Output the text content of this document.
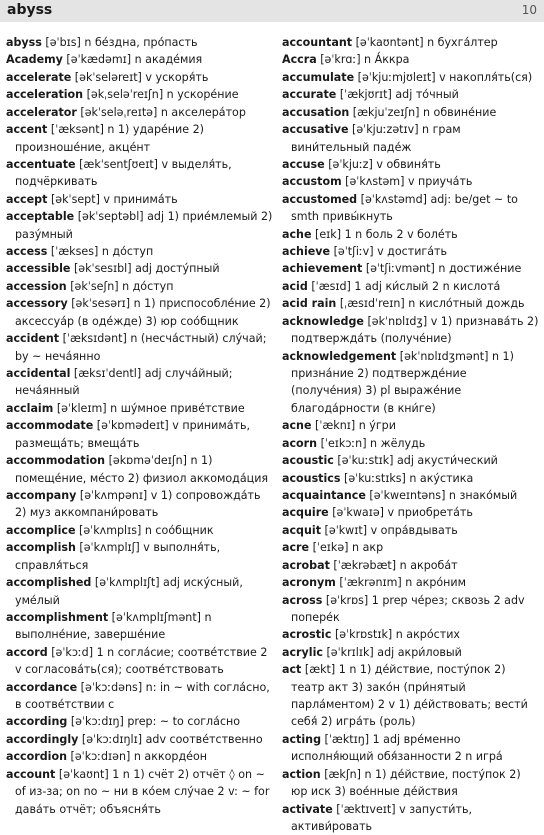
abyss	10

abyss [əˈbɪs] n бе́здна, про́пасть

Academy [əˈkædəmɪ] n акаде́мия

accelerate [əkˈseləreɪt] v ускоря́ть

acceleration [əkˌseləˈreɪʃn] n ускоре́ние

accelerator [əkˈseləˌreɪtə] n акселера́тор

accent [ˈæksənt] n 1) ударе́ние 2) произноше́ние, акце́нт

accentuate [ækˈsentʃʊeɪt] v выделя́ть, подчёркивать

accept [əkˈsept] v принима́ть

acceptable [əkˈseptəbl] adj 1) прие́млемый 2) разу́мный

access [ˈækses] n до́ступ

accessible [əkˈsesɪbl] adj досту́пный

accession [əkˈseʃn] n до́ступ

accessory [əkˈsesərɪ] n 1) приспособле́ние 2) аксессуа́р (в оде́жде) 3) юр соо́бщник

accident [ˈæksɪdənt] n (несча́стный) слу́чай; by ~ неча́янно

accidental [æksɪˈdentl] adj случа́йный; неча́янный

acclaim [əˈkleɪm] n шу́мное приве́тствие

accommodate [əˈkɒmədeɪt] v принима́ть, размеща́ть; вмеща́ть

accommodation [əkɒməˈdeɪʃn] n 1) помеще́ние, ме́сто 2) физиол аккомода́ция

accompany [əˈkʌmpənɪ] v 1) сопровожда́ть 2) муз аккомпани́ровать

accomplice [əˈkʌmplɪs] n соо́бщник

accomplish [əˈkʌmplɪʃ] v выполня́ть, справля́ться

accomplished [əˈkʌmplɪʃt] adj иску́сный, уме́лый

accomplishment [əˈkʌmplɪʃmənt] n выполне́ние, заверше́ние

accord [əˈkɔːd] 1 n согла́сие; соотве́тствие 2 v согласова́ть(ся); соотве́тствовать

accordance [əˈkɔːdəns] n: in ~ with согла́сно, в соотве́тствии с

according [əˈkɔːdɪŋ] prep: ~ to согла́сно

accordingly [əˈkɔːdɪŋlɪ] adv соотве́тственно

accordion [əˈkɔːdɪən] n аккорде́он

account [əˈkaʊnt] 1 n 1) счёт 2) отчёт ◊ on ~ of из-за; on no ~ ни в ко́ем слу́чае 2 v: ~ for дава́ть отчёт; объясня́ть

accountant [əˈkaʊntənt] n бухга́лтер

Accra [əˈkrɑː] n А́ккра

accumulate [əˈkjuːmjʊleɪt] v накопля́ть(ся)

accurate [ˈækjʊrɪt] adj то́чный

accusation [ækjuˈzeɪʃn] n обвине́ние

accusative [əˈkjuːzətɪv] n грам вини́тельный паде́ж

accuse [əˈkjuːz] v обвиня́ть

accustom [əˈkʌstəm] v приуча́ть

accustomed [əˈkʌstəmd] adj: be/get ~ to smth привы́кнуть

ache [eɪk] 1 n боль 2 v боле́ть

achieve [əˈtʃiːv] v достига́ть

achievement [əˈtʃiːvmənt] n достиже́ние

acid [ˈæsɪd] 1 adj ки́слый 2 n кислота́

acid rain [ˌæsɪdˈreɪn] n кисло́тный дождь

acknowledge [əkˈnɒlɪdʒ] v 1) признава́ть 2) подтвержда́ть (получе́ние)

acknowledgement [əkˈnɒlɪdʒmənt] n 1) призна́ние 2) подтвержде́ние (получе́ния) 3) pl выраже́ние благода́рности (в кни́ге)

acne [ˈæknɪ] n у́гри

acorn [ˈeɪkɔːn] n жёлудь

acoustic [əˈkuːstɪk] adj акусти́ческий

acoustics [əˈkuːstɪks] n аку́стика

acquaintance [əˈkweɪntəns] n знако́мый

acquire [əˈkwaɪə] v приобрета́ть

acquit [əˈkwɪt] v опра́вдывать

acre [ˈeɪkə] n акр

acrobat [ˈækrəbæt] n акроба́т

acronym [ˈækrənɪm] n акро́ним

across [əˈkrɒs] 1 prep че́рез; сквозь 2 adv попере́к

acrostic [əˈkrɒstɪk] n акро́стих

acrylic [əˈkrɪlɪk] adj акри́ловый

act [ækt] 1 n 1) де́йствие, посту́пок 2) театр акт 3) зако́н (при́нятый парла́ментом) 2 v 1) де́йствовать; вести́ себя́ 2) игра́ть (роль)

acting [ˈæktɪŋ] 1 adj вре́менно исполня́ющий обя́занности 2 n игра́

action [ækʃn] n 1) де́йствие, посту́пок 2) юр иск 3) вое́нные де́йствия

activate [ˈæktɪveɪt] v запусти́ть, активи́ровать
